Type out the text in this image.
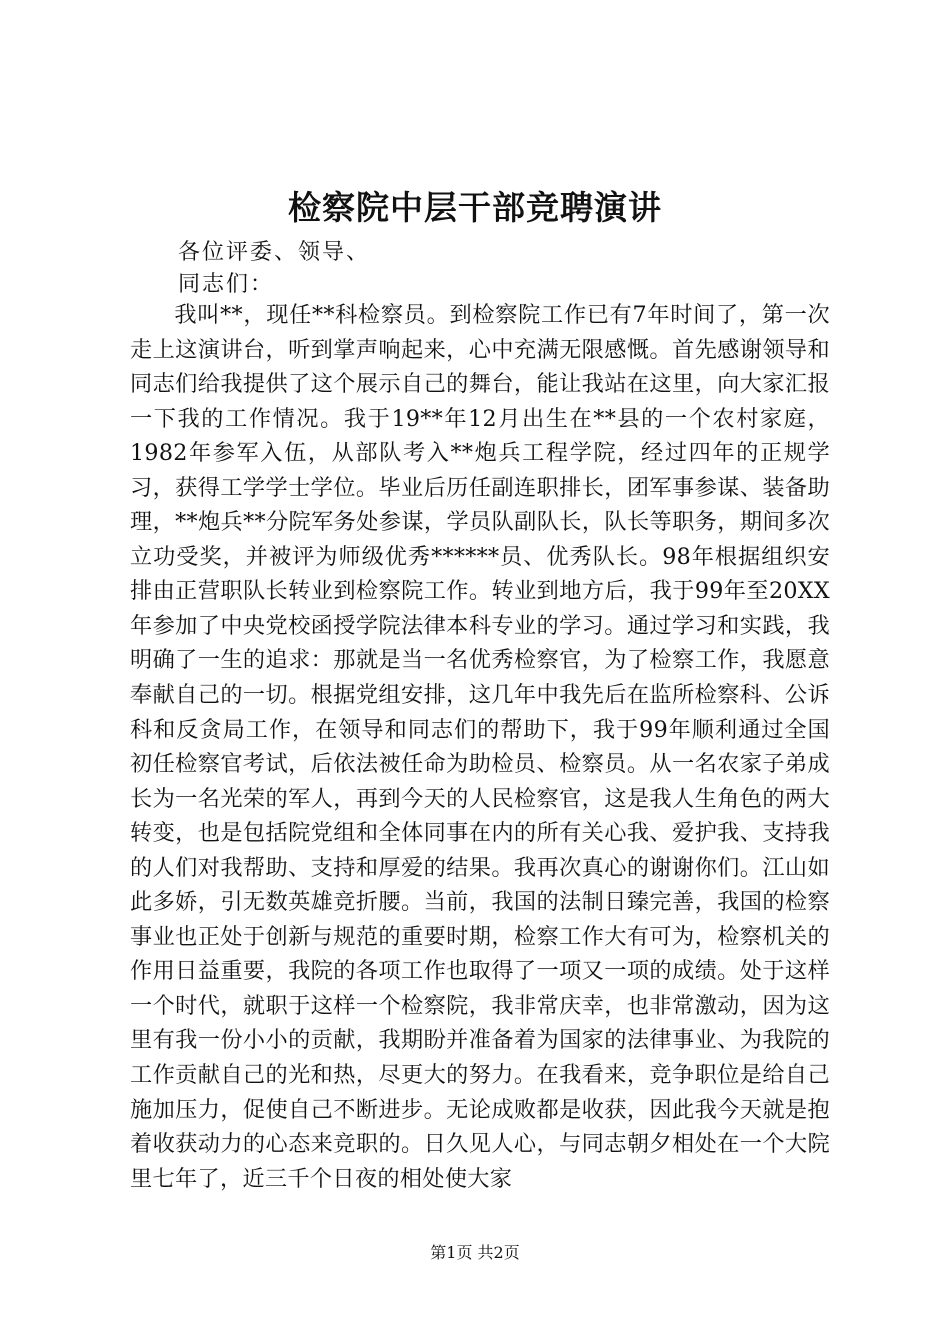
检察院中层干部竞聘演讲
各位评委、领导、
同志们：

我叫**，现任**科检察员。到检察院工作已有7年时间了，第一次走上这演讲台，听到掌声响起来，心中充满无限感慨。首先感谢领导和同志们给我提供了这个展示自己的舞台，能让我站在这里，向大家汇报一下我的工作情况。我于19**年12月出生在**县的一个农村家庭，1982年参军入伍，从部队考入**炮兵工程学院，经过四年的正规学习，获得工学学士学位。毕业后历任副连职排长，团军事参谋、装备助理，**炮兵**分院军务处参谋，学员队副队长，队长等职务，期间多次立功受奖，并被评为师级优秀******员、优秀队长。98年根据组织安排由正营职队长转业到检察院工作。转业到地方后，我于99年至20XX年参加了中央党校函授学院法律本科专业的学习。通过学习和实践，我明确了一生的追求：那就是当一名优秀检察官，为了检察工作，我愿意奉献自己的一切。根据党组安排，这几年中我先后在监所检察科、公诉科和反贪局工作，在领导和同志们的帮助下，我于99年顺利通过全国初任检察官考试，后依法被任命为助检员、检察员。从一名农家子弟成长为一名光荣的军人，再到今天的人民检察官，这是我人生角色的两大转变，也是包括院党组和全体同事在内的所有关心我、爱护我、支持我的人们对我帮助、支持和厚爱的结果。我再次真心的谢谢你们。江山如此多娇，引无数英雄竞折腰。当前，我国的法制日臻完善，我国的检察事业也正处于创新与规范的重要时期，检察工作大有可为，检察机关的作用日益重要，我院的各项工作也取得了一项又一项的成绩。处于这样一个时代，就职于这样一个检察院，我非常庆幸，也非常激动，因为这里有我一份小小的贡献，我期盼并准备着为国家的法律事业、为我院的工作贡献自己的光和热，尽更大的努力。在我看来，竞争职位是给自己施加压力，促使自己不断进步。无论成败都是收获，因此我今天就是抱着收获动力的心态来竞职的。日久见人心，与同志朝夕相处在一个大院里七年了，近三千个日夜的相处使大家

第1页 共2页
